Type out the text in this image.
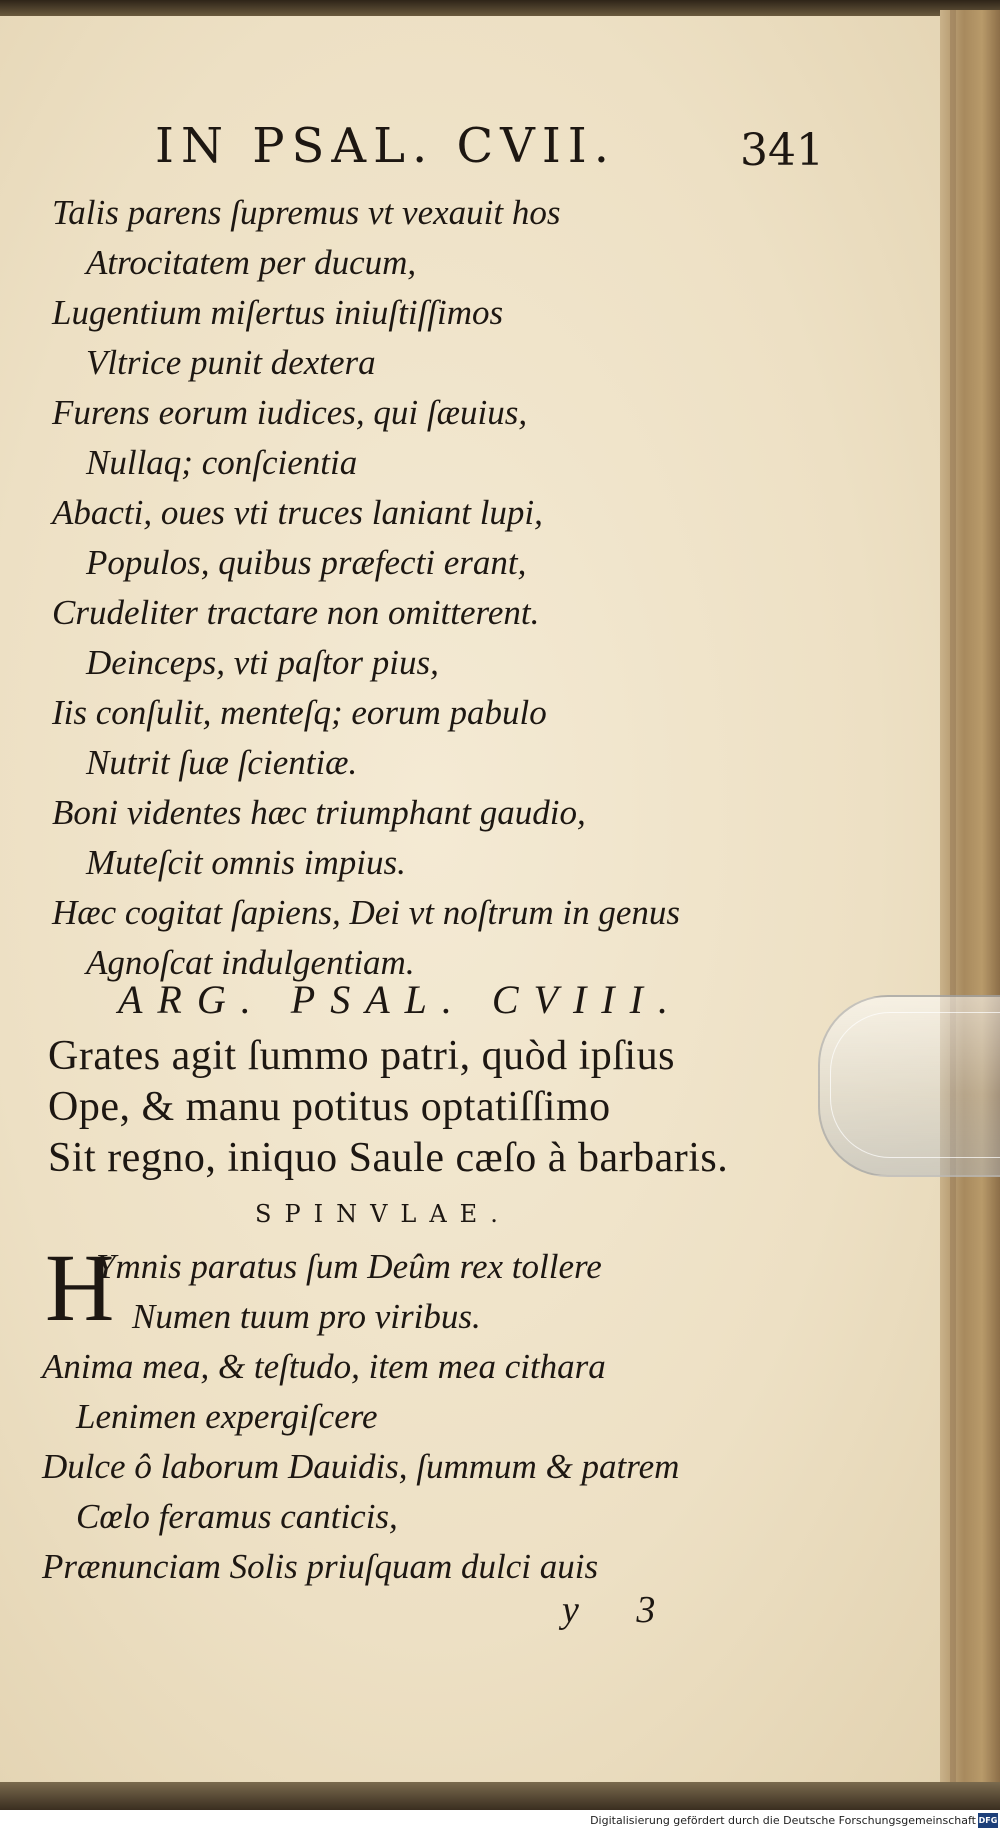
IN PSAL. CVII.	341
Talis parens ſupremus vt vexauit hos
Atrocitatem per ducum,
Lugentium miſertus iniuſtiſſimos
Vltrice punit dextera
Furens eorum iudices, qui ſæuius,
Nullaq; conſcientia
Abacti, oues vti truces laniant lupi,
Populos, quibus præfecti erant,
Crudeliter tractare non omitterent.
Deinceps, vti paſtor pius,
Iis conſulit, menteſq; eorum pabulo
Nutrit ſuæ ſcientiæ.
Boni videntes hæc triumphant gaudio,
Muteſcit omnis impius.
Hæc cogitat ſapiens, Dei vt noſtrum in genus
Agnoſcat indulgentiam.
ARG. PSAL. CVIII.
Grates agit ſummo patri, quòd ipſius
Ope, & manu potitus optatiſſimo
Sit regno, iniquo Saule cæſo à barbaris.
SPINVLAE.
H
Ymnis paratus ſum Deûm rex tollere
Numen tuum pro viribus.
Anima mea, & teſtudo, item mea cithara
Lenimen expergiſcere
Dulce ô laborum Dauidis, ſummum & patrem
Cœlo feramus canticis,
Prænunciam Solis priuſquam dulci auis
y 3
Digitalisierung gefördert durch die Deutsche Forschungsgemeinschaft DFG
